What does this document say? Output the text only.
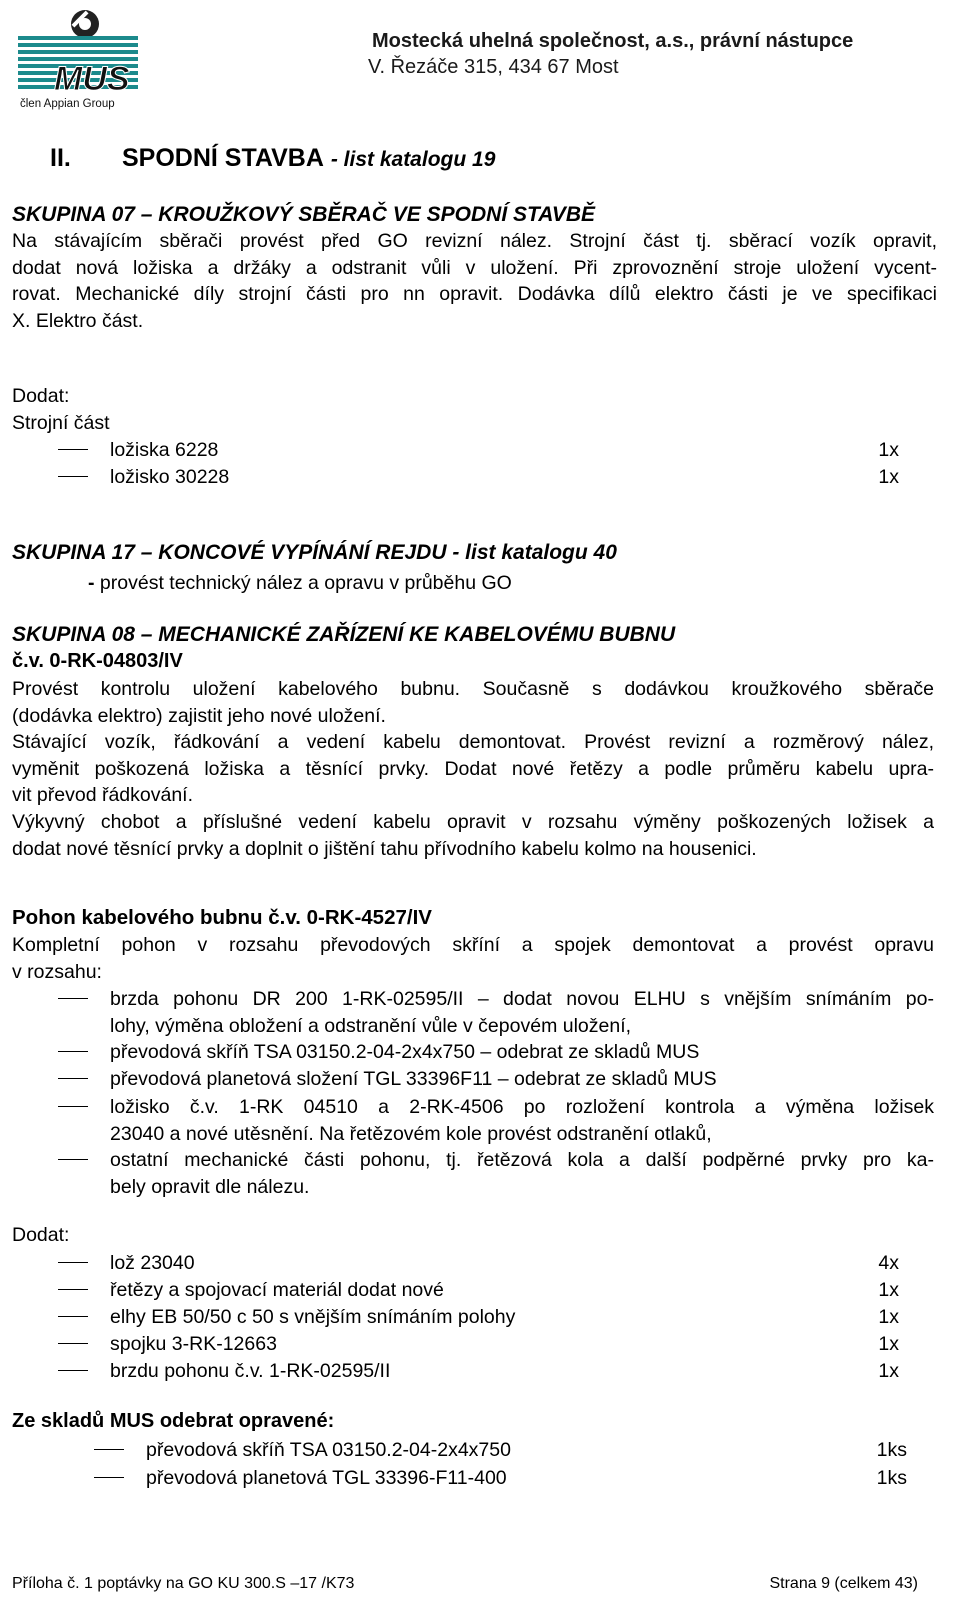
MUS
člen Appian Group
Mostecká uhelná společnost, a.s., právní nástupce
V. Řezáče 315, 434 67 Most
II. SPODNÍ STAVBA - list katalogu 19
SKUPINA 07 – KROUŽKOVÝ SBĚRAČ VE SPODNÍ STAVBĚ
Na stávajícím sběrači provést před GO revizní nález. Strojní část tj. sběrací vozík opravit,
dodat nová ložiska a držáky a odstranit vůli v uložení. Při zprovoznění stroje uložení vycent-
rovat. Mechanické díly strojní části pro nn opravit. Dodávka dílů elektro části je ve specifikaci
X. Elektro část.
Dodat:
Strojní část
ložiska 6228	1x
ložisko 30228	1x
SKUPINA 17 – KONCOVÉ VYPÍNÁNÍ REJDU - list katalogu 40
- provést technický nález a opravu v průběhu GO
SKUPINA 08 – MECHANICKÉ ZAŘÍZENÍ KE KABELOVÉMU BUBNU
č.v. 0-RK-04803/IV
Provést kontrolu uložení kabelového bubnu. Současně s dodávkou kroužkového sběrače
(dodávka elektro) zajistit jeho nové uložení.
Stávající vozík, řádkování a vedení kabelu demontovat. Provést revizní a rozměrový nález,
vyměnit poškozená ložiska a těsnící prvky. Dodat nové řetězy a podle průměru kabelu upra-
vit převod řádkování.
Výkyvný chobot a příslušné vedení kabelu opravit v rozsahu výměny poškozených ložisek a
dodat nové těsnící prvky a doplnit o jištění tahu přívodního kabelu kolmo na housenici.
Pohon kabelového bubnu č.v. 0-RK-4527/IV
Kompletní pohon v rozsahu převodových skříní a spojek demontovat a provést opravu
v rozsahu:
brzda pohonu DR 200 1-RK-02595/II – dodat novou ELHU s vnějším snímáním po-
lohy, výměna obložení a odstranění vůle v čepovém uložení,
převodová skříň TSA 03150.2-04-2x4x750 – odebrat ze skladů MUS
převodová planetová složení TGL 33396F11 – odebrat ze skladů MUS
ložisko č.v. 1-RK 04510 a 2-RK-4506 po rozložení kontrola a výměna ložisek
23040 a nové utěsnění. Na řetězovém kole provést odstranění otlaků,
ostatní mechanické části pohonu, tj. řetězová kola a další podpěrné prvky pro ka-
bely opravit dle nálezu.
Dodat:
lož 23040	4x
řetězy a spojovací materiál dodat nové	1x
elhy EB 50/50 c 50 s vnějším snímáním polohy	1x
spojku 3-RK-12663	1x
brzdu pohonu č.v. 1-RK-02595/II	1x
Ze skladů MUS odebrat opravené:
převodová skříň TSA 03150.2-04-2x4x750	1ks
převodová planetová TGL 33396-F11-400	1ks
Příloha č. 1 poptávky na GO KU 300.S –17 /K73	Strana 9 (celkem 43)
